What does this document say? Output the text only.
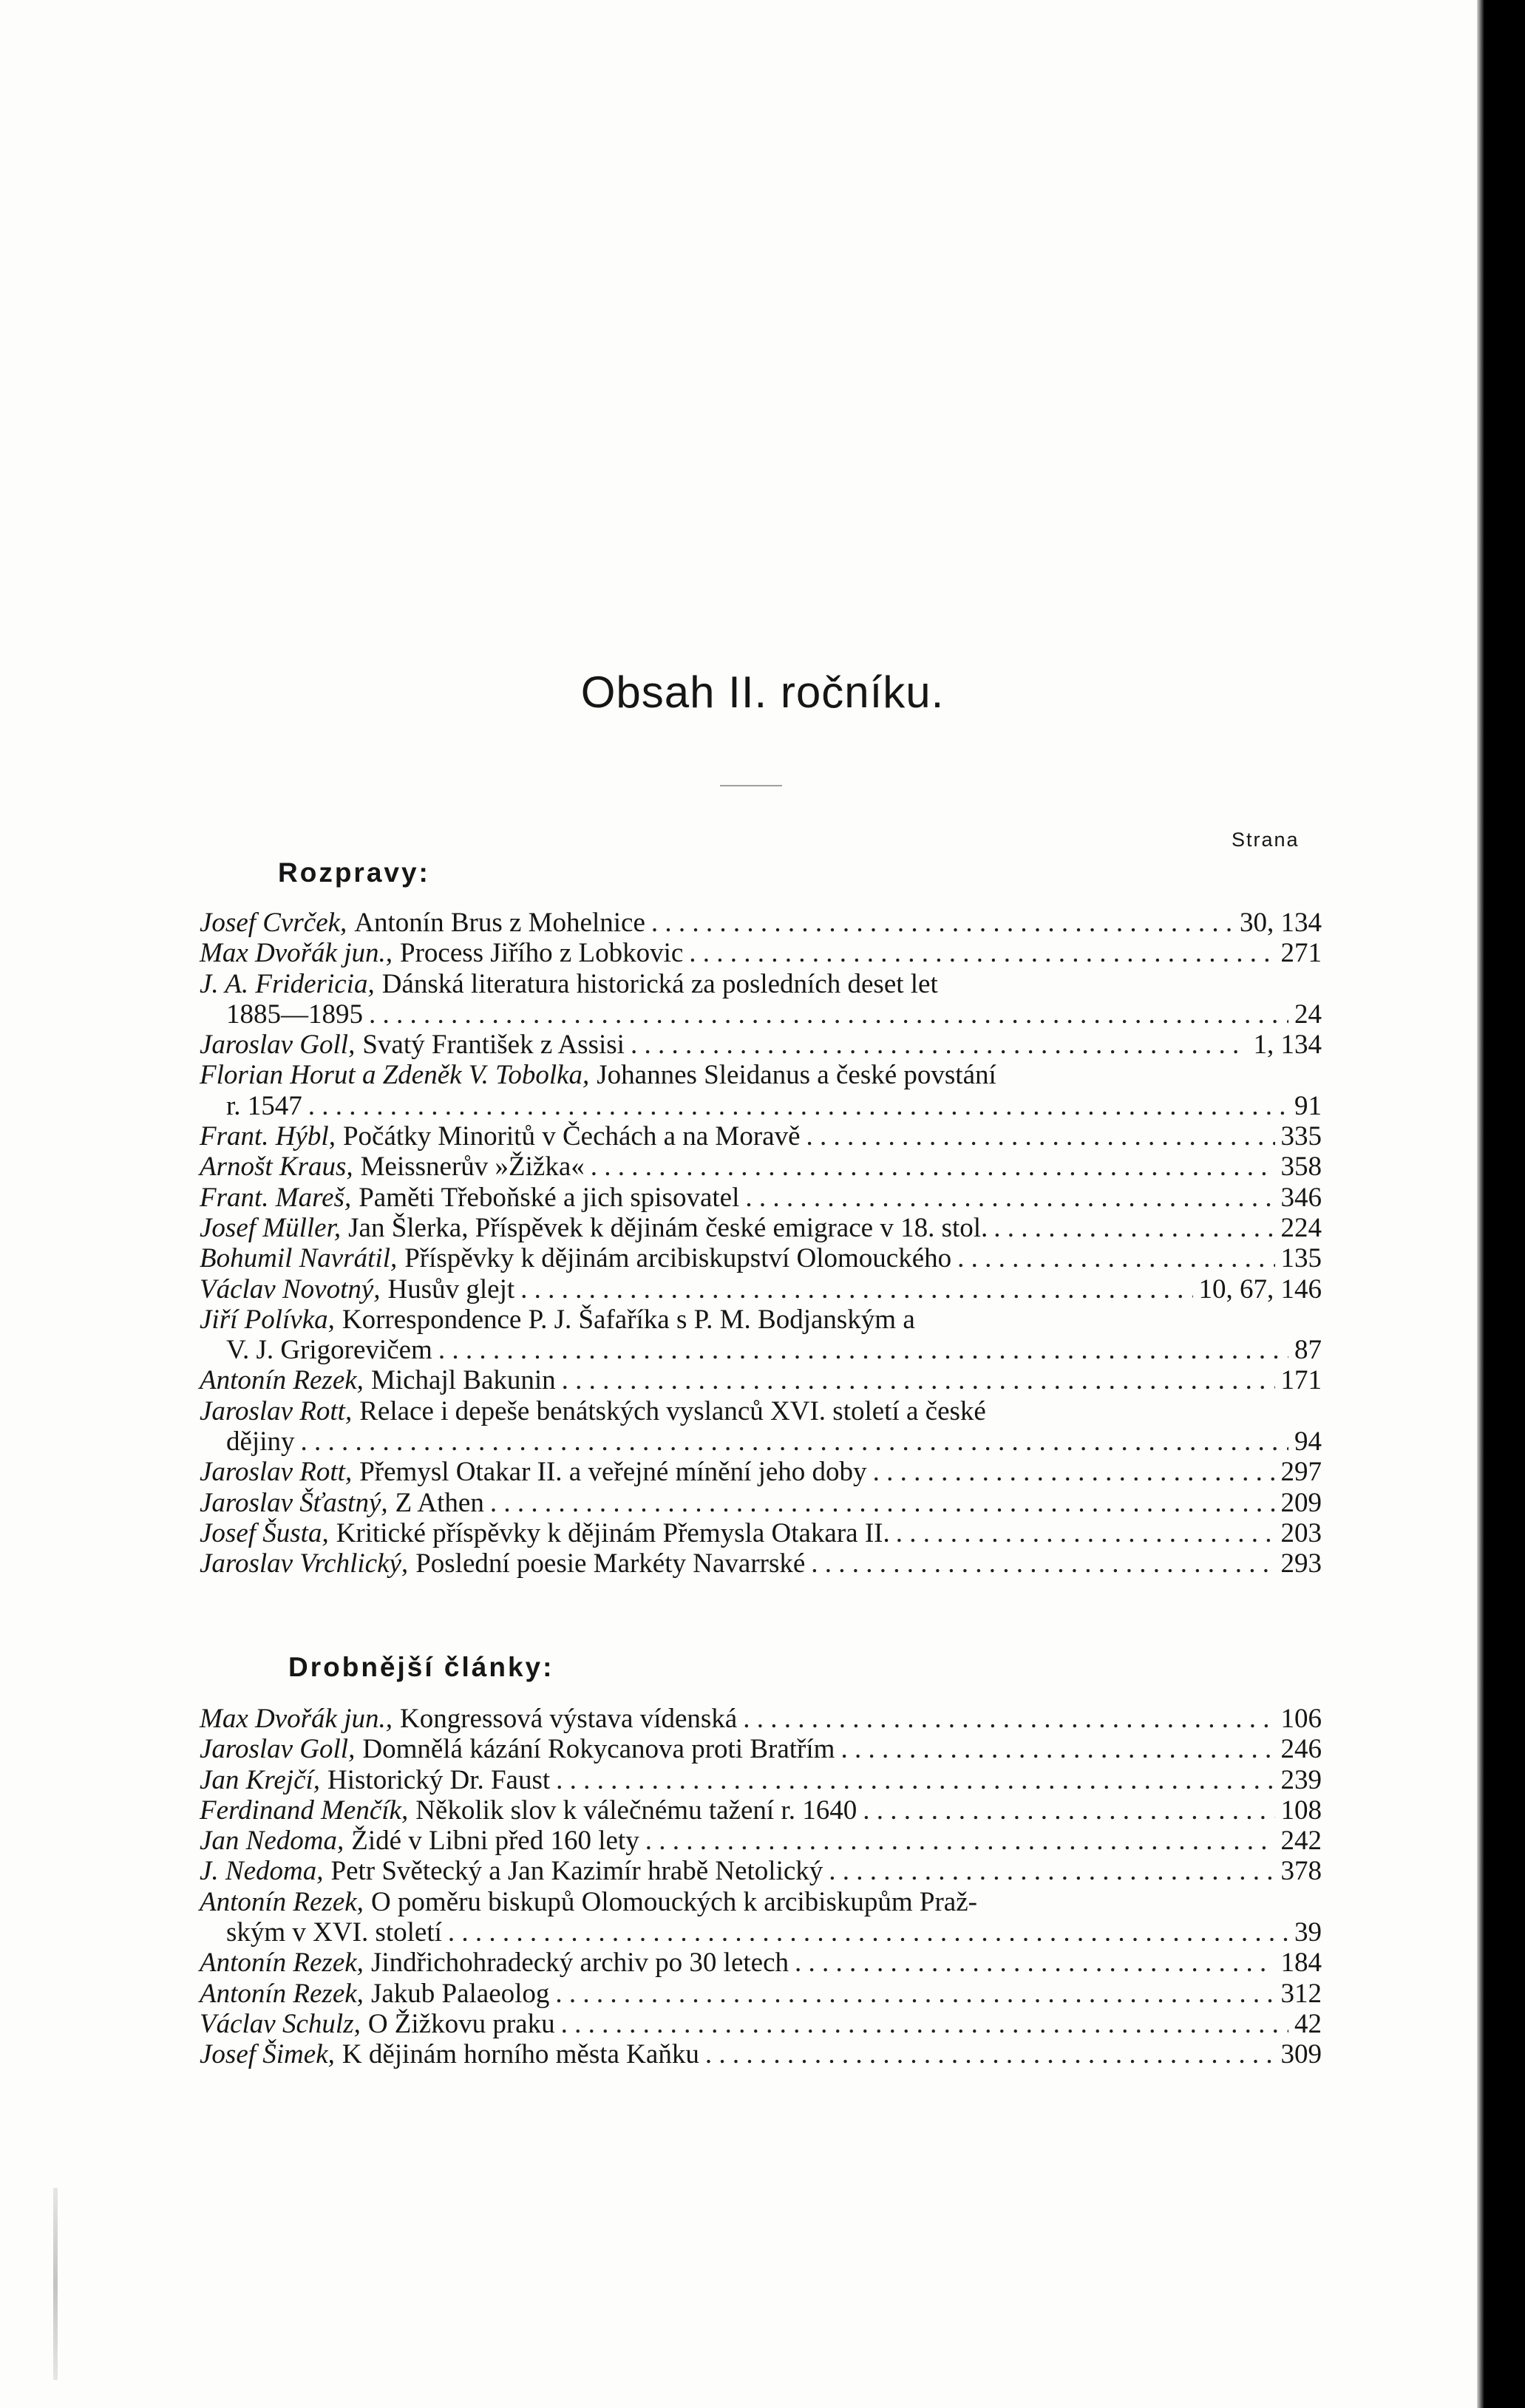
Obsah II. ročníku.
Strana
Rozpravy:
Josef Cvrček, Antonín Brus z Mohelnice . . .	30, 134
Max Dvořák jun., Process Jiřího z Lobkovic . . .	271
J. A. Fridericia, Dánská literatura historická za posledních deset let
1885—1895 . . .	24
Jaroslav Goll, Svatý František z Assisi . . .	1, 134
Florian Horut a Zdeněk V. Tobolka, Johannes Sleidanus a české povstání
r. 1547 . . .	91
Frant. Hýbl, Počátky Minoritů v Čechách a na Moravě . . .	335
Arnošt Kraus, Meissnerův »Žižka« . . .	358
Frant. Mareš, Paměti Třeboňské a jich spisovatel . . .	346
Josef Müller, Jan Šlerka, Příspěvek k dějinám české emigrace v 18. stol. . . .	224
Bohumil Navrátil, Příspěvky k dějinám arcibiskupství Olomouckého . . .	135
Václav Novotný, Husův glejt . . .	10, 67, 146
Jiří Polívka, Korrespondence P. J. Šafaříka s P. M. Bodjanským a
V. J. Grigorevičem . . .	87
Antonín Rezek, Michajl Bakunin . . .	171
Jaroslav Rott, Relace i depeše benátských vyslanců XVI. století a české
dějiny . . .	94
Jaroslav Rott, Přemysl Otakar II. a veřejné mínění jeho doby . . .	297
Jaroslav Šťastný, Z Athen . . .	209
Josef Šusta, Kritické příspěvky k dějinám Přemysla Otakara II. . . .	203
Jaroslav Vrchlický, Poslední poesie Markéty Navarrské . . .	293
Drobnější články:
Max Dvořák jun., Kongressová výstava vídenská . . .	106
Jaroslav Goll, Domnělá kázání Rokycanova proti Bratřím . . .	246
Jan Krejčí, Historický Dr. Faust . . .	239
Ferdinand Menčík, Několik slov k válečnému tažení r. 1640 . . .	108
Jan Nedoma, Židé v Libni před 160 lety . . .	242
J. Nedoma, Petr Světecký a Jan Kazimír hrabě Netolický . . .	378
Antonín Rezek, O poměru biskupů Olomouckých k arcibiskupům Praž-
ským v XVI. století . . .	39
Antonín Rezek, Jindřichohradecký archiv po 30 letech . . .	184
Antonín Rezek, Jakub Palaeolog . . .	312
Václav Schulz, O Žižkovu praku . . .	42
Josef Šimek, K dějinám horního města Kaňku . . .	309
